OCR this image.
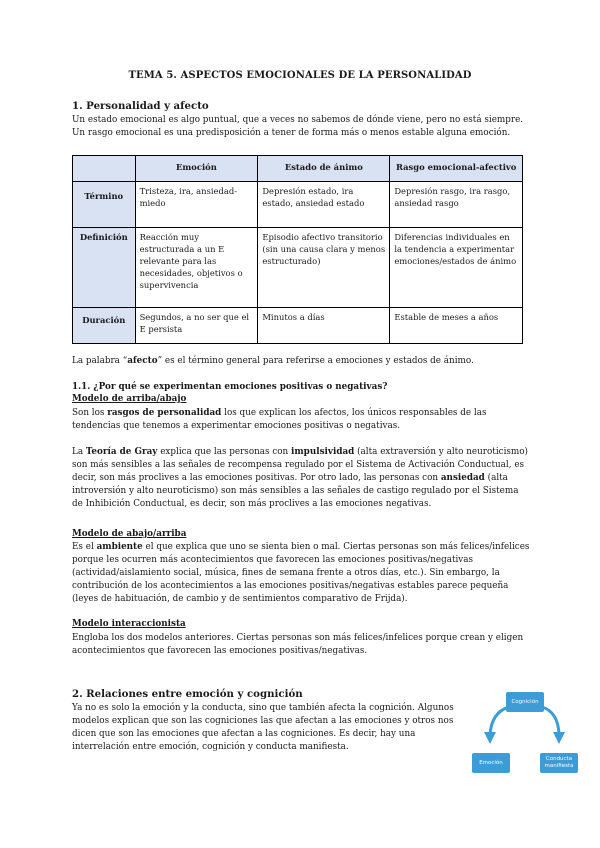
TEMA 5. ASPECTOS EMOCIONALES DE LA PERSONALIDAD
1. Personalidad y afecto

Un estado emocional es algo puntual, que a veces no sabemos de dónde viene, pero no está siempre. Un rasgo emocional es una predisposición a tener de forma más o menos estable alguna emoción.

	Emoción	Estado de ánimo	Rasgo emocional-afectivo
Término	Tristeza, ira, ansiedad-miedo	Depresión estado, ira estado, ansiedad estado	Depresión rasgo, ira rasgo, ansiedad rasgo
Definición	Reacción muy estructurada a un E relevante para las necesidades, objetivos o supervivencia	Episodio afectivo transitorio (sin una causa clara y menos estructurado)	Diferencias individuales en la tendencia a experimentar emociones/estados de ánimo
Duración	Segundos, a no ser que el E persista	Minutos a días	Estable de meses a años

La palabra “afecto” es el término general para referirse a emociones y estados de ánimo.

1.1. ¿Por qué se experimentan emociones positivas o negativas?
Modelo de arriba/abajo

Son los rasgos de personalidad los que explican los afectos, los únicos responsables de las tendencias que tenemos a experimentar emociones positivas o negativas.

La Teoría de Gray explica que las personas con impulsividad (alta extraversión y alto neuroticismo) son más sensibles a las señales de recompensa regulado por el Sistema de Activación Conductual, es decir, son más proclives a las emociones positivas. Por otro lado, las personas con ansiedad (alta introversión y alto neuroticismo) son más sensibles a las señales de castigo regulado por el Sistema de Inhibición Conductual, es decir, son más proclives a las emociones negativas.

Modelo de abajo/arriba

Es el ambiente el que explica que uno se sienta bien o mal. Ciertas personas son más felices/infelices porque les ocurren más acontecimientos que favorecen las emociones positivas/negativas (actividad/aislamiento social, música, fines de semana frente a otros días, etc.). Sin embargo, la contribución de los acontecimientos a las emociones positivas/negativas estables parece pequeña (leyes de habituación, de cambio y de sentimientos comparativo de Frijda).

Modelo interaccionista

Engloba los dos modelos anteriores. Ciertas personas son más felices/infelices porque crean y eligen acontecimientos que favorecen las emociones positivas/negativas.

2. Relaciones entre emoción y cognición

Ya no es solo la emoción y la conducta, sino que también afecta la cognición. Algunos modelos explican que son las cogniciones las que afectan a las emociones y otros nos dicen que son las emociones que afectan a las cogniciones. Es decir, hay una interrelación entre emoción, cognición y conducta manifiesta.

Cognición
Emoción
Conducta
manifiesta
